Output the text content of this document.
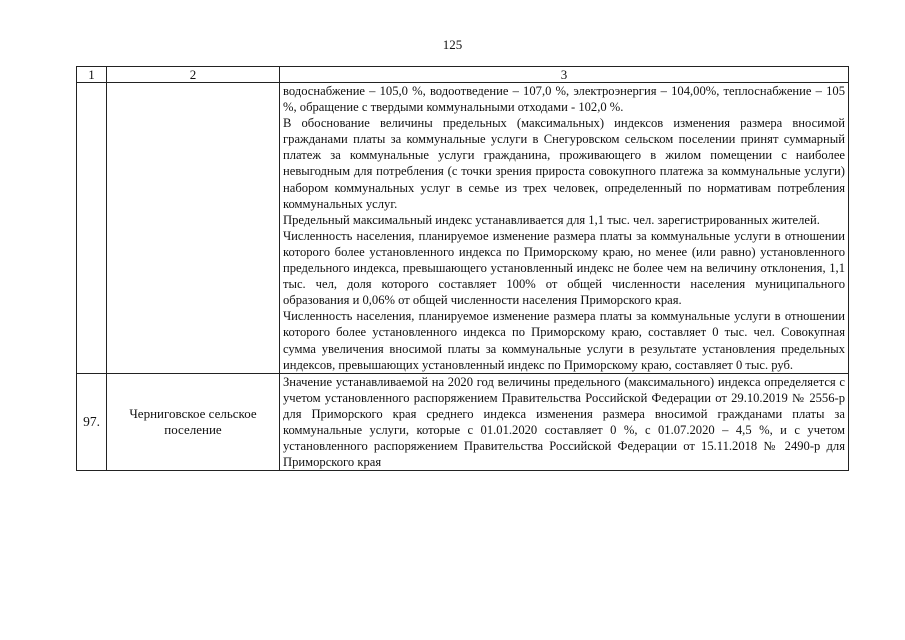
125
1	2	3

		водоснабжение – 105,0 %, водоотведение – 107,0 %, электроэнергия – 104,00%, теплоснабжение – 105 %, обращение с твердыми коммунальными отходами - 102,0 %.

В обоснование величины предельных (максимальных) индексов изменения размера вносимой гражданами платы за коммунальные услуги в Снегуровском сельском поселении принят суммарный платеж за коммунальные услуги гражданина, проживающего в жилом помещении с наиболее невыгодным для потребления (с точки зрения прироста совокупного платежа за коммунальные услуги) набором коммунальных услуг в семье из трех человек, определенный по нормативам потребления коммунальных услуг.

Предельный максимальный индекс устанавливается для 1,1 тыс. чел. зарегистрированных жителей.

Численность населения, планируемое изменение размера платы за коммунальные услуги в отношении которого более установленного индекса по Приморскому краю, но менее (или равно) установленного предельного индекса, превышающего установленный индекс не более чем на величину отклонения, 1,1 тыс. чел, доля которого составляет 100% от общей численности населения муниципального образования и 0,06% от общей численности населения Приморского края.

Численность населения, планируемое изменение размера платы за коммунальные услуги в отношении которого более установленного индекса по Приморскому краю, составляет 0 тыс. чел. Совокупная сумма увеличения вносимой платы за коммунальные услуги в результате установления предельных индексов, превышающих установленный индекс по Приморскому краю, составляет 0 тыс. руб.

97.	Черниговское сельское поселение	Значение устанавливаемой на 2020 год величины предельного (максимального) индекса определяется с учетом установленного распоряжением Правительства Российской Федерации от 29.10.2019 № 2556-р для Приморского края среднего индекса изменения размера вносимой гражданами платы за коммунальные услуги, которые с 01.01.2020 составляет 0 %, с 01.07.2020 – 4,5 %, и с учетом установленного распоряжением Правительства Российской Федерации от 15.11.2018 № 2490-р для Приморского края
